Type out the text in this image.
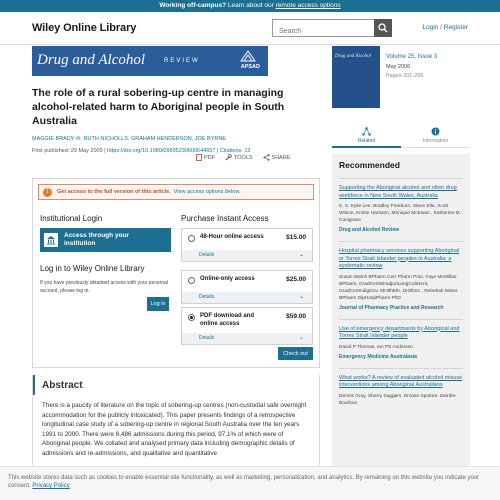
Working off-campus? Learn about our remote access options
Wiley Online Library
Search	Login / Register
Drug and Alcohol	REVIEW
APSAD
The role of a rural sobering-up centre in managing alcohol-related harm to Aboriginal people in South Australia
MAGGIE BRADY ✉, RUTH NICHOLLS, GRAHAM HENDERSON, JOE BYRNE
First published: 29 May 2009 | https://doi.org/10.1080/09595230600644657 | Citations: 13
PDF	TOOLS	SHARE
!	Get access to the full version of this article. View access options below.
Institutional Login
Access through your institution
Log in to Wiley Online Library
If you have previously obtained access with your personal account, please log in.
Log in
Purchase Instant Access
48-Hour online access	$15.00
Details	⌄
Online-only access	$25.00
Details	⌄
PDF download and online access
$59.00
Details	⌄
Check out
Abstract

There is a paucity of literature on the topic of sobering-up centres (non-custodial safe overnight accommodation for the publicly intoxicated). This paper presents findings of a retrospective longitudinal case study of a sobering-up centre in regional South Australia over the ten years 1991 to 2000. There were 6,486 admissions during this period, 97.1% of which were of Aboriginal people. We collated and analysed primary data including demographic details of admissions and re-admissions, and qualitative and quantitative

Drug and Alcohol Volume 25, Issue 3
May 2006
Pages 201-206
Related	Information
Recommended
Supporting the Aboriginal alcohol and other drug workforce in New South Wales, Australia
K. S. Kylie Lee, Bradley Freeburn, Steve Ella, Scott Wilson, Kristie Harrison, Monique McEwan , Katherine M. Conigrave
Drug and Alcohol Review
Hospital pharmacy services supporting Aboriginal or Torres Strait Islander peoples in Australia: a systematic review
Susan Welch BPharm Cert Pharm Prac, Faye McMillan BPharm, GradCertWiradjuriLangCultHerit, GradCertIndigGov, MHlthEth, DHlthSc , Rebekah Moles BPharm DipHospPharm PhD
Journal of Pharmacy Practice and Research
Use of emergency departments by Aboriginal and Torres Strait Islander people
David P Thomas, Ian PS Anderson
Emergency Medicine Australasia
What works? A review of evaluated alcohol misuse interventions among Aboriginal Australians
Dennis Gray, Sherry Saggers, Brooke Sputore, Deirdre Bourbon
This website stores data such as cookies to enable essential site functionality, as well as marketing, personalization, and analytics. By remaining on this website you indicate your consent. Privacy Policy
